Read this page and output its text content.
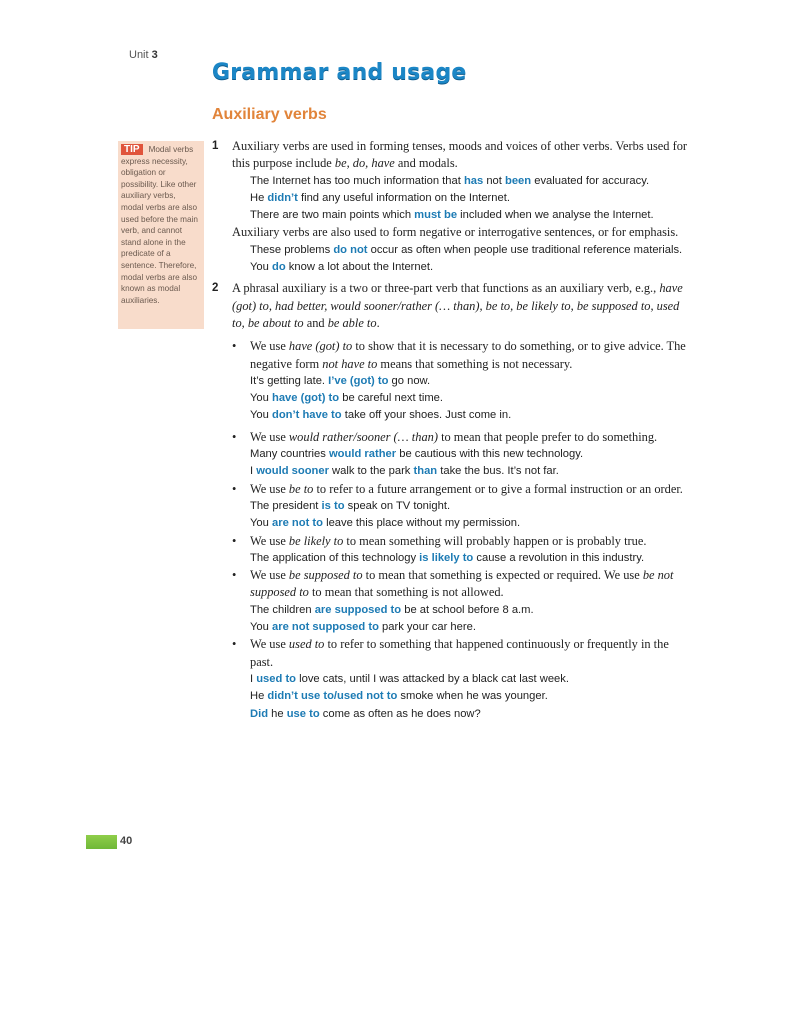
Unit 3
Grammar and usage
Auxiliary verbs
TIP Modal verbs express necessity, obligation or possibility. Like other auxiliary verbs, modal verbs are also used before the main verb, and cannot stand alone in the predicate of a sentence. Therefore, modal verbs are also known as modal auxiliaries.
1 Auxiliary verbs are used in forming tenses, moods and voices of other verbs. Verbs used for this purpose include be, do, have and modals.
The Internet has too much information that has not been evaluated for accuracy.
He didn’t find any useful information on the Internet.
There are two main points which must be included when we analyse the Internet.
Auxiliary verbs are also used to form negative or interrogative sentences, or for emphasis.
These problems do not occur as often when people use traditional reference materials.
You do know a lot about the Internet.
2 A phrasal auxiliary is a two or three-part verb that functions as an auxiliary verb, e.g., have (got) to, had better, would sooner/rather (… than), be to, be likely to, be supposed to, used to, be about to and be able to.
• We use have (got) to to show that it is necessary to do something, or to give advice. The negative form not have to means that something is not necessary.
It’s getting late. I’ve (got) to go now.
You have (got) to be careful next time.
You don’t have to take off your shoes. Just come in.
• We use would rather/sooner (… than) to mean that people prefer to do something.
Many countries would rather be cautious with this new technology.
I would sooner walk to the park than take the bus. It’s not far.
• We use be to to refer to a future arrangement or to give a formal instruction or an order.
The president is to speak on TV tonight.
You are not to leave this place without my permission.
• We use be likely to to mean something will probably happen or is probably true.
The application of this technology is likely to cause a revolution in this industry.
• We use be supposed to to mean that something is expected or required. We use be not supposed to to mean that something is not allowed.
The children are supposed to be at school before 8 a.m.
You are not supposed to park your car here.
• We use used to to refer to something that happened continuously or frequently in the past.
I used to love cats, until I was attacked by a black cat last week.
He didn’t use to/used not to smoke when he was younger.
Did he use to come as often as he does now?
40
